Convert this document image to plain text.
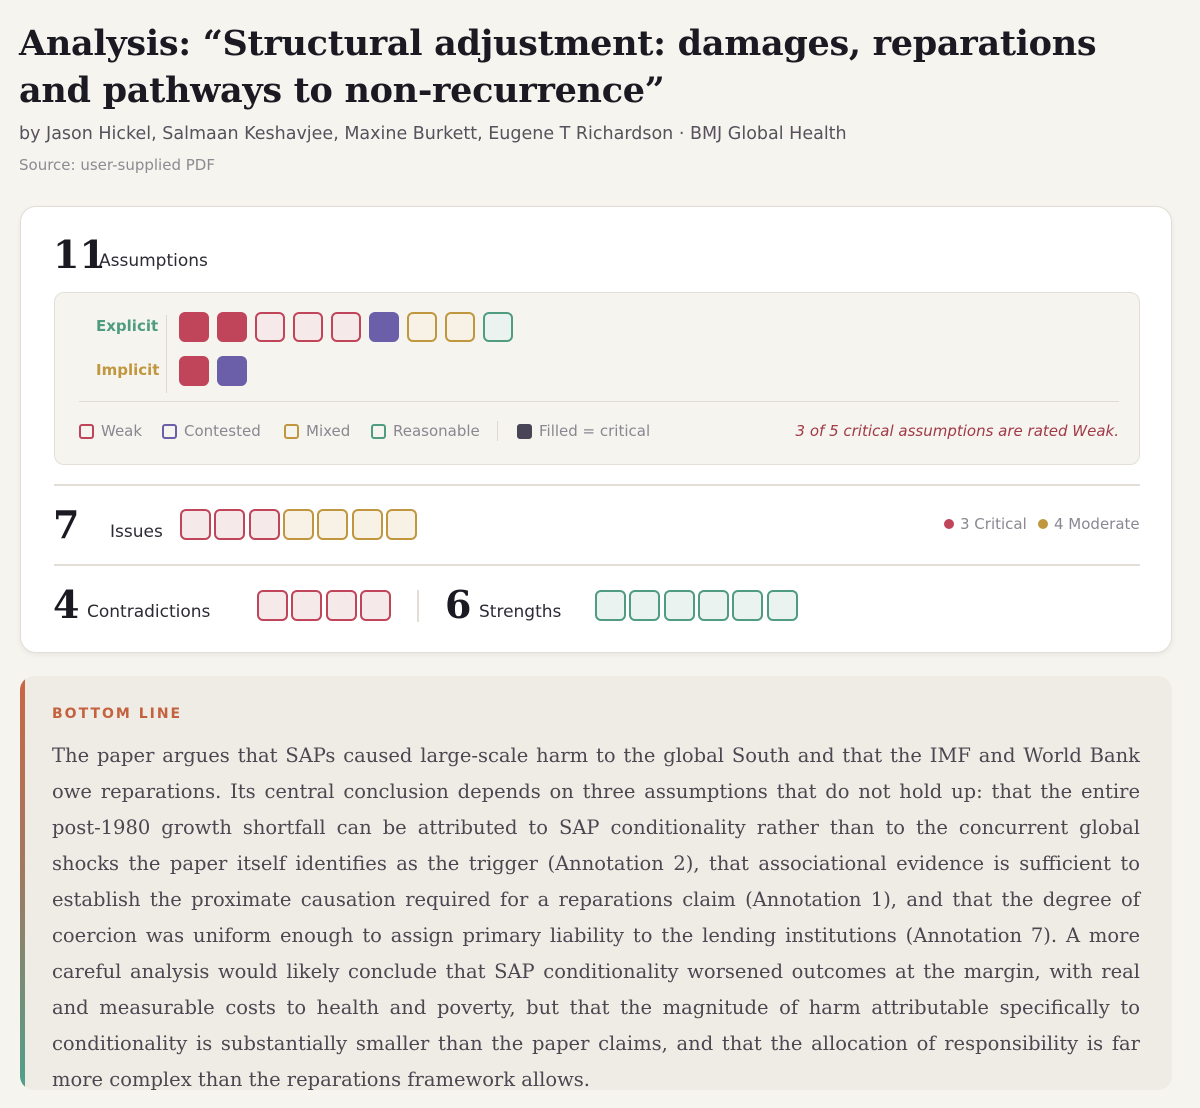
Analysis: “Structural adjustment: damages, reparations and pathways to non-recurrence”
by Jason Hickel, Salmaan Keshavjee, Maxine Burkett, Eugene T Richardson · BMJ Global Health
Source: user-supplied PDF
11
Assumptions
Explicit
Implicit
Weak	Contested	Mixed	Reasonable	Filled = critical	3 of 5 critical assumptions are rated Weak.
7 Issues	3 Critical 4 Moderate
4 Contradictions	6 Strengths
BOTTOM LINE

The paper argues that SAPs caused large-scale harm to the global South and that the IMF and World Bank owe reparations. Its central conclusion depends on three assumptions that do not hold up: that the entire post-1980 growth shortfall can be attributed to SAP conditionality rather than to the concurrent global shocks the paper itself identifies as the trigger (Annotation 2), that associational evidence is sufficient to establish the proximate causation required for a reparations claim (Annotation 1), and that the degree of coercion was uniform enough to assign primary liability to the lending institutions (Annotation 7). A more careful analysis would likely conclude that SAP conditionality worsened outcomes at the margin, with real and measurable costs to health and poverty, but that the magnitude of harm attributable specifically to conditionality is substantially smaller than the paper claims, and that the allocation of responsibility is far more complex than the reparations framework allows.
